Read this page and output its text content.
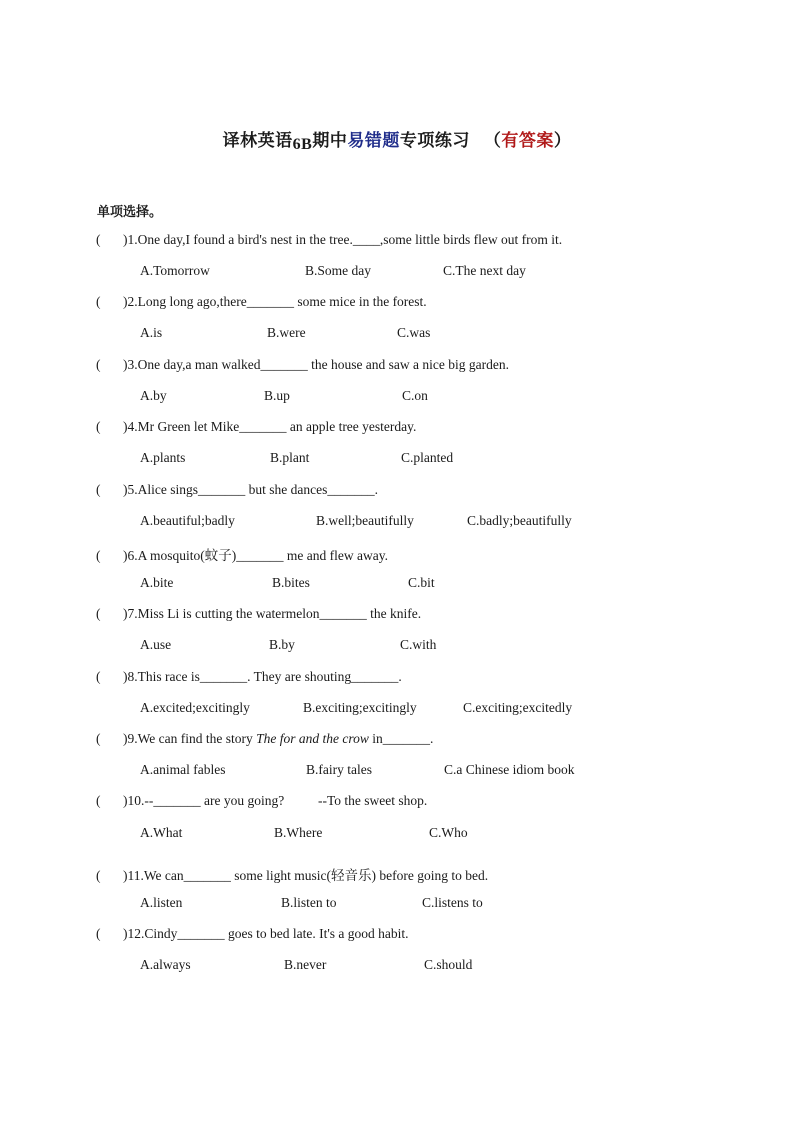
译林英语6B期中易错题专项练习 （有答案）
单项选择。
( )1.One day,I found a bird's nest in the tree.____,some little birds flew out from it.
A.Tomorrow	B.Some day	C.The next day
( )2.Long long ago,there_______ some mice in the forest.
A.is	B.were	C.was
( )3.One day,a man walked_______ the house and saw a nice big garden.
A.by	B.up	C.on
( )4.Mr Green let Mike_______ an apple tree yesterday.
A.plants	B.plant	C.planted
( )5.Alice sings_______ but she dances_______.
A.beautiful;badly	B.well;beautifully	C.badly;beautifully
( )6.A mosquito(蚊子)_______ me and flew away.
A.bite	B.bites	C.bit
( )7.Miss Li is cutting the watermelon_______ the knife.
A.use	B.by	C.with
( )8.This race is_______. They are shouting_______.
A.excited;excitingly	B.exciting;excitingly	C.exciting;excitedly
( )9.We can find the story The for and the crow in_______.
A.animal fables	B.fairy tales	C.a Chinese idiom book
( )10.--_______ are you going?          --To the sweet shop.
A.What	B.Where	C.Who
( )11.We can_______ some light music(轻音乐) before going to bed.
A.listen	B.listen to	C.listens to
( )12.Cindy_______ goes to bed late. It's a good habit.
A.always	B.never	C.should
